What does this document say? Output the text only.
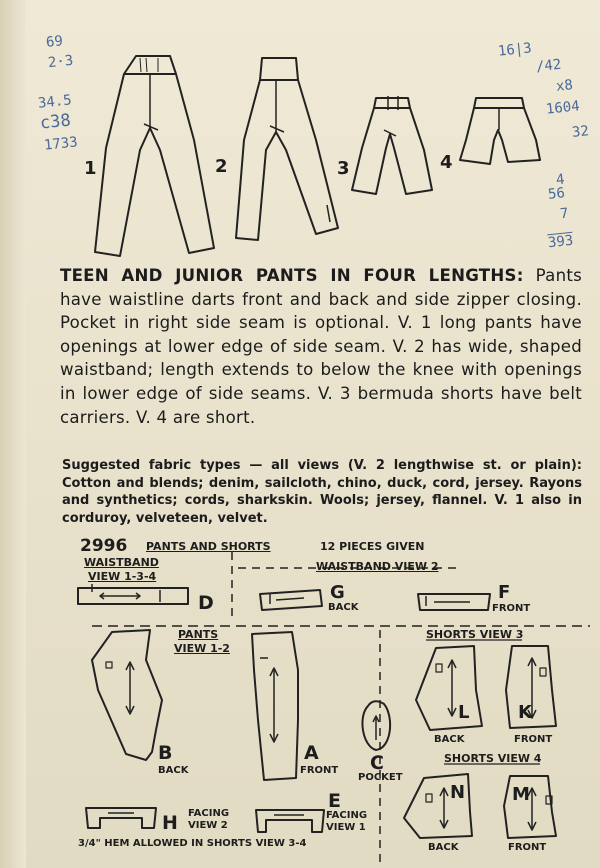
1	2	3	4
69
2·3
34.5
c38
1733
16|3
/42
x8
1604
32
4
56
7
393
TEEN AND JUNIOR PANTS IN FOUR LENGTHS: Pants have waistline darts front and back and side zipper closing. Pocket in right side seam is optional. V. 1 long pants have openings at lower edge of side seam. V. 2 has wide, shaped waistband; length extends to below the knee with openings in lower edge of side seams. V. 3 bermuda shorts have belt carriers. V. 4 are short.
Suggested fabric types — all views (V. 2 lengthwise st. or plain): Cotton and blends; denim, sailcloth, chino, duck, cord, jersey. Rayons and synthetics; cords, sharkskin. Wools; jersey, flannel. V. 1 also in corduroy, velveteen, velvet.
2996 PANTS AND SHORTS	12 PIECES GIVEN
WAISTBAND
VIEW 1-3-4
D
WAISTBAND VIEW 2
G
BACK
F
FRONT
PANTS
VIEW 1-2
B
BACK
A
FRONT C
POCKET
SHORTS VIEW 3
L
BACK
K
FRONT
SHORTS VIEW 4
N
BACK
M
FRONT
H FACING
VIEW 2
E
FACING
VIEW 1
3/4" HEM ALLOWED IN SHORTS VIEW 3-4
